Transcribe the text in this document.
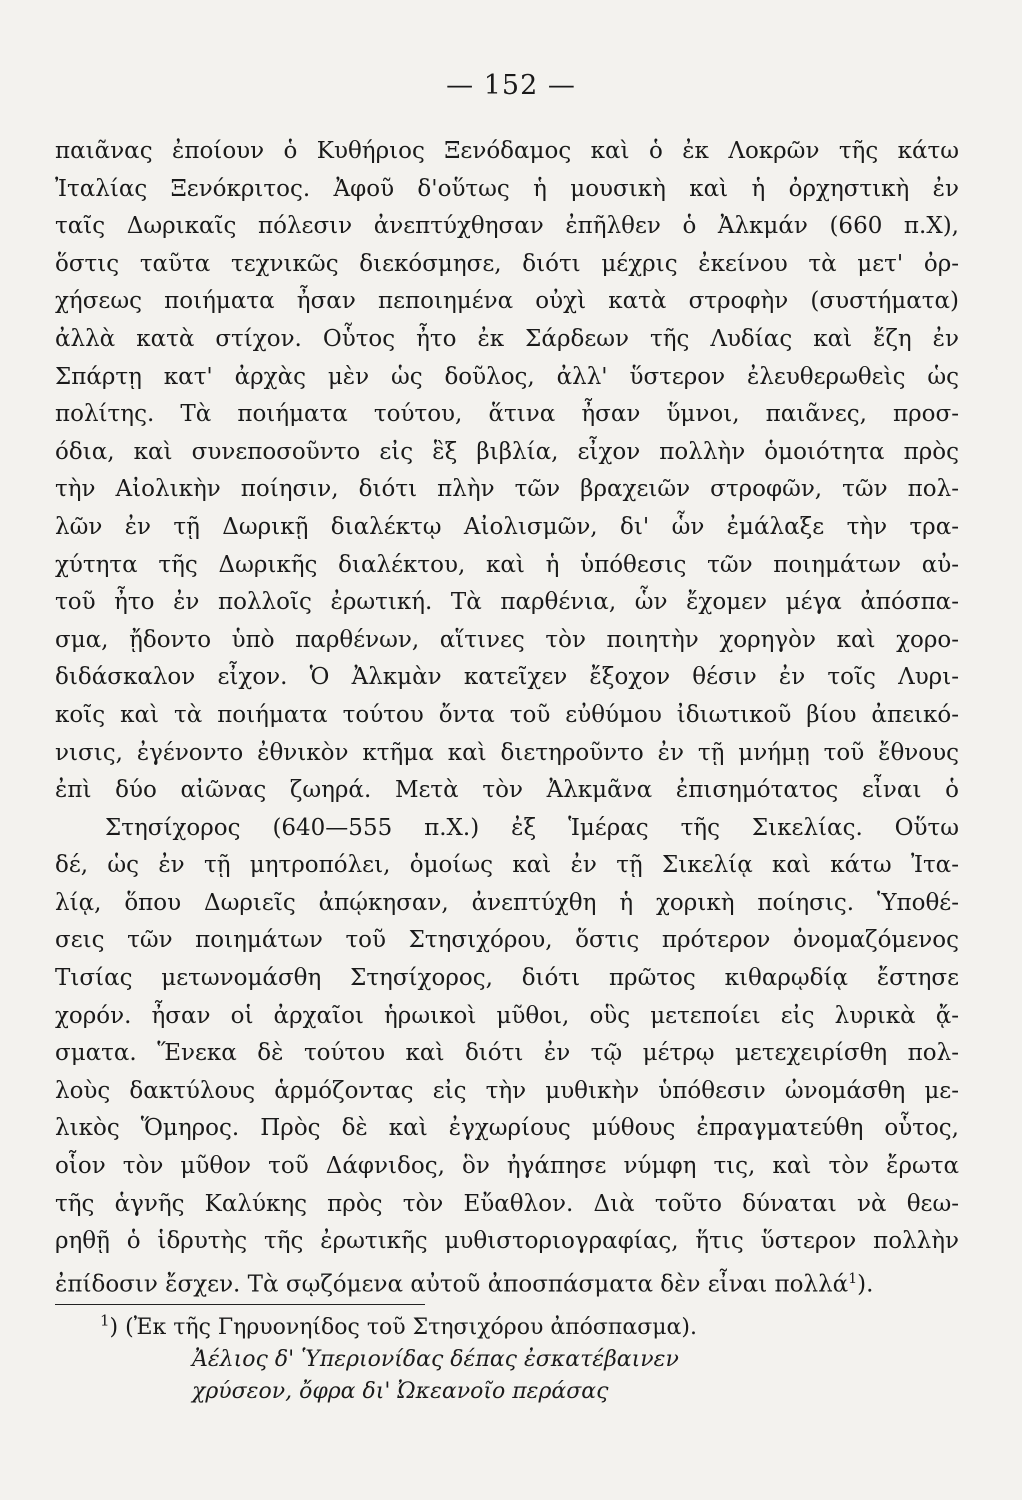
— 152 —
παιᾶνας ἐποίουν ὁ Κυθήριος Ξενόδαμος καὶ ὁ ἐκ Λοκρῶν τῆς κάτω
Ἰταλίας Ξενόκριτος. Ἀφοῦ δ'οὕτως ἡ μουσικὴ καὶ ἡ ὀρχηστικὴ ἐν
ταῖς Δωρικαῖς πόλεσιν ἀνεπτύχθησαν ἐπῆλθεν ὁ Ἀλκμάν (660 π.Χ),
ὅστις ταῦτα τεχνικῶς διεκόσμησε, διότι μέχρις ἐκείνου τὰ μετ' ὀρ-
χήσεως ποιήματα ἦσαν πεποιημένα οὐχὶ κατὰ στροφὴν (συστήματα)
ἀλλὰ κατὰ στίχον. Οὗτος ἦτο ἐκ Σάρδεων τῆς Λυδίας καὶ ἔζη ἐν
Σπάρτῃ κατ' ἀρχὰς μὲν ὡς δοῦλος, ἀλλ' ὕστερον ἐλευθερωθεὶς ὡς
πολίτης. Τὰ ποιήματα τούτου, ἅτινα ἦσαν ὕμνοι, παιᾶνες, προσ-
όδια, καὶ συνεποσοῦντο εἰς ἓξ βιβλία, εἶχον πολλὴν ὁμοιότητα πρὸς
τὴν Αἰολικὴν ποίησιν, διότι πλὴν τῶν βραχειῶν στροφῶν, τῶν πολ-
λῶν ἐν τῇ Δωρικῇ διαλέκτῳ Αἰολισμῶν, δι' ὧν ἐμάλαξε τὴν τρα-
χύτητα τῆς Δωρικῆς διαλέκτου, καὶ ἡ ὑπόθεσις τῶν ποιημάτων αὐ-
τοῦ ἦτο ἐν πολλοῖς ἐρωτική. Τὰ παρθένια, ὧν ἔχομεν μέγα ἀπόσπα-
σμα, ᾔδοντο ὑπὸ παρθένων, αἵτινες τὸν ποιητὴν χορηγὸν καὶ χορο-
διδάσκαλον εἶχον. Ὁ Ἀλκμὰν κατεῖχεν ἔξοχον θέσιν ἐν τοῖς Λυρι-
κοῖς καὶ τὰ ποιήματα τούτου ὄντα τοῦ εὐθύμου ἰδιωτικοῦ βίου ἀπεικό-
νισις, ἐγένοντο ἐθνικὸν κτῆμα καὶ διετηροῦντο ἐν τῇ μνήμῃ τοῦ ἔθνους
ἐπὶ δύο αἰῶνας ζωηρά. Μετὰ τὸν Ἀλκμᾶνα ἐπισημότατος εἶναι ὁ
Στησίχορος (640—555 π.Χ.) ἐξ Ἱμέρας τῆς Σικελίας. Οὕτω
δέ, ὡς ἐν τῇ μητροπόλει, ὁμοίως καὶ ἐν τῇ Σικελίᾳ καὶ κάτω Ἰτα-
λίᾳ, ὅπου Δωριεῖς ἀπῴκησαν, ἀνεπτύχθη ἡ χορικὴ ποίησις. Ὑποθέ-
σεις τῶν ποιημάτων τοῦ Στησιχόρου, ὅστις πρότερον ὀνομαζόμενος
Τισίας μετωνομάσθη Στησίχορος, διότι πρῶτος κιθαρῳδίᾳ ἔστησε
χορόν. ἦσαν οἱ ἀρχαῖοι ἡρωικοὶ μῦθοι, οὓς μετεποίει εἰς λυρικὰ ᾄ-
σματα. Ἕνεκα δὲ τούτου καὶ διότι ἐν τῷ μέτρῳ μετεχειρίσθη πολ-
λοὺς δακτύλους ἁρμόζοντας εἰς τὴν μυθικὴν ὑπόθεσιν ὠνομάσθη με-
λικὸς Ὅμηρος. Πρὸς δὲ καὶ ἐγχωρίους μύθους ἐπραγματεύθη οὗτος,
οἷον τὸν μῦθον τοῦ Δάφνιδος, ὃν ἠγάπησε νύμφη τις, καὶ τὸν ἔρωτα
τῆς ἁγνῆς Καλύκης πρὸς τὸν Εὔαθλον. Διὰ τοῦτο δύναται νὰ θεω-
ρηθῇ ὁ ἱδρυτὴς τῆς ἐρωτικῆς μυθιστοριογραφίας, ἥτις ὕστερον πολλὴν
ἐπίδοσιν ἔσχεν. Τὰ σῳζόμενα αὐτοῦ ἀποσπάσματα δὲν εἶναι πολλά$^1$).
$^1$) (Ἐκ τῆς Γηρυονηίδος τοῦ Στησιχόρου ἀπόσπασμα).
Ἀέλιος δ' Ὑπεριονίδας δέπας ἐσκατέβαινεν
χρύσεον, ὄφρα δι' Ὠκεανοῖο περάσας
